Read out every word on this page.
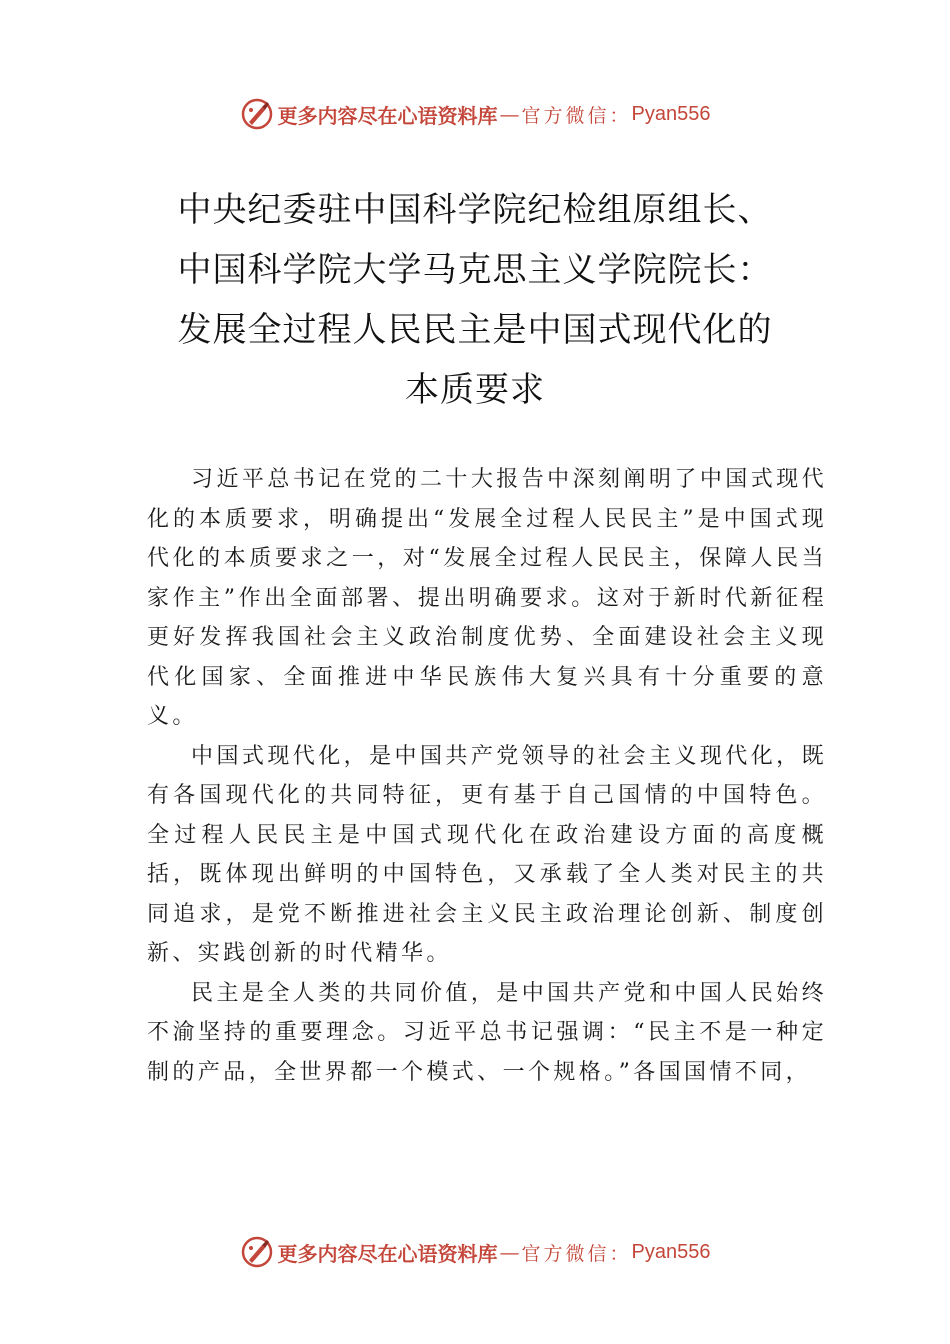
更多内容尽在心语资料库 — 官方微信： Pyan556
中央纪委驻中国科学院纪检组原组长、
中国科学院大学马克思主义学院院长：
发展全过程人民民主是中国式现代化的
本质要求

习近平总书记在党的二十大报告中深刻阐明了中国式现代化的本质要求，明确提出“发展全过程人民民主”是中国式现代化的本质要求之一，对“发展全过程人民民主，保障人民当家作主”作出全面部署、提出明确要求。这对于新时代新征程更好发挥我国社会主义政治制度优势、全面建设社会主义现代化国家、全面推进中华民族伟大复兴具有十分重要的意义。

中国式现代化，是中国共产党领导的社会主义现代化，既有各国现代化的共同特征，更有基于自己国情的中国特色。全过程人民民主是中国式现代化在政治建设方面的高度概括，既体现出鲜明的中国特色，又承载了全人类对民主的共 同追求，是党不断推进社会主义民主政治理论创新、制度创 新、实践创新的时代精华。

民主是全人类的共同价值，是中国共产党和中国人民始终不渝坚持的重要理念。习近平总书记强调：“民主不是一种定制的产品，全世界都一个模式、一个规格。”各国国情不同，

更多内容尽在心语资料库 — 官方微信： Pyan556
